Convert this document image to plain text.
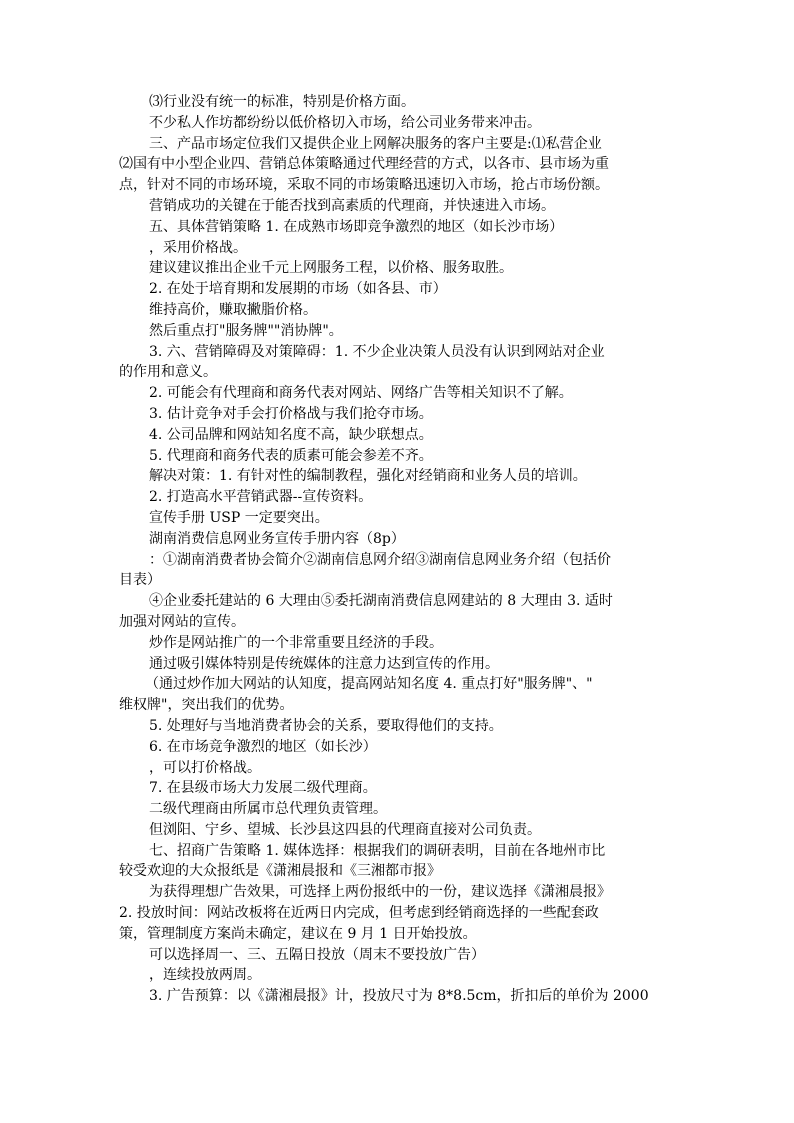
⑶行业没有统一的标准，特别是价格方面。
不少私人作坊都纷纷以低价格切入市场，给公司业务带来冲击。
三、产品市场定位我们又提供企业上网解决服务的客户主要是:⑴私营企业
⑵国有中小型企业四、营销总体策略通过代理经营的方式，以各市、县市场为重
点，针对不同的市场环境，采取不同的市场策略迅速切入市场，抢占市场份额。
营销成功的关键在于能否找到高素质的代理商，并快速进入市场。
五、具体营销策略 1. 在成熟市场即竞争激烈的地区（如长沙市场）
，采用价格战。
建议建议推出企业千元上网服务工程，以价格、服务取胜。
2. 在处于培育期和发展期的市场（如各县、市）
维持高价，赚取撇脂价格。
然后重点打"服务牌""消协牌"。
3. 六、营销障碍及对策障碍：1. 不少企业决策人员没有认识到网站对企业
的作用和意义。
2. 可能会有代理商和商务代表对网站、网络广告等相关知识不了解。
3. 估计竞争对手会打价格战与我们抢夺市场。
4. 公司品牌和网站知名度不高，缺少联想点。
5. 代理商和商务代表的质素可能会参差不齐。
解决对策：1. 有针对性的编制教程，强化对经销商和业务人员的培训。
2. 打造高水平营销武器--宣传资料。
宣传手册 USP 一定要突出。
湖南消费信息网业务宣传手册内容（8p）
：①湖南消费者协会简介②湖南信息网介绍③湖南信息网业务介绍（包括价
目表）
④企业委托建站的 6 大理由⑤委托湖南消费信息网建站的 8 大理由 3. 适时
加强对网站的宣传。
炒作是网站推广的一个非常重要且经济的手段。
通过吸引媒体特别是传统媒体的注意力达到宣传的作用。
（通过炒作加大网站的认知度，提高网站知名度 4. 重点打好"服务牌"、"
维权牌"，突出我们的优势。
5. 处理好与当地消费者协会的关系，要取得他们的支持。
6. 在市场竞争激烈的地区（如长沙）
，可以打价格战。
7. 在县级市场大力发展二级代理商。
二级代理商由所属市总代理负责管理。
但浏阳、宁乡、望城、长沙县这四县的代理商直接对公司负责。
七、招商广告策略 1. 媒体选择：根据我们的调研表明，目前在各地州市比
较受欢迎的大众报纸是《潇湘晨报和《三湘都市报》
为获得理想广告效果，可选择上两份报纸中的一份，建议选择《潇湘晨报》
2. 投放时间：网站改板将在近两日内完成，但考虑到经销商选择的一些配套政
策，管理制度方案尚未确定，建议在 9 月 1 日开始投放。
可以选择周一、三、五隔日投放（周末不要投放广告）
，连续投放两周。
3. 广告预算：以《潇湘晨报》计，投放尺寸为 8*8.5cm，折扣后的单价为 2000
